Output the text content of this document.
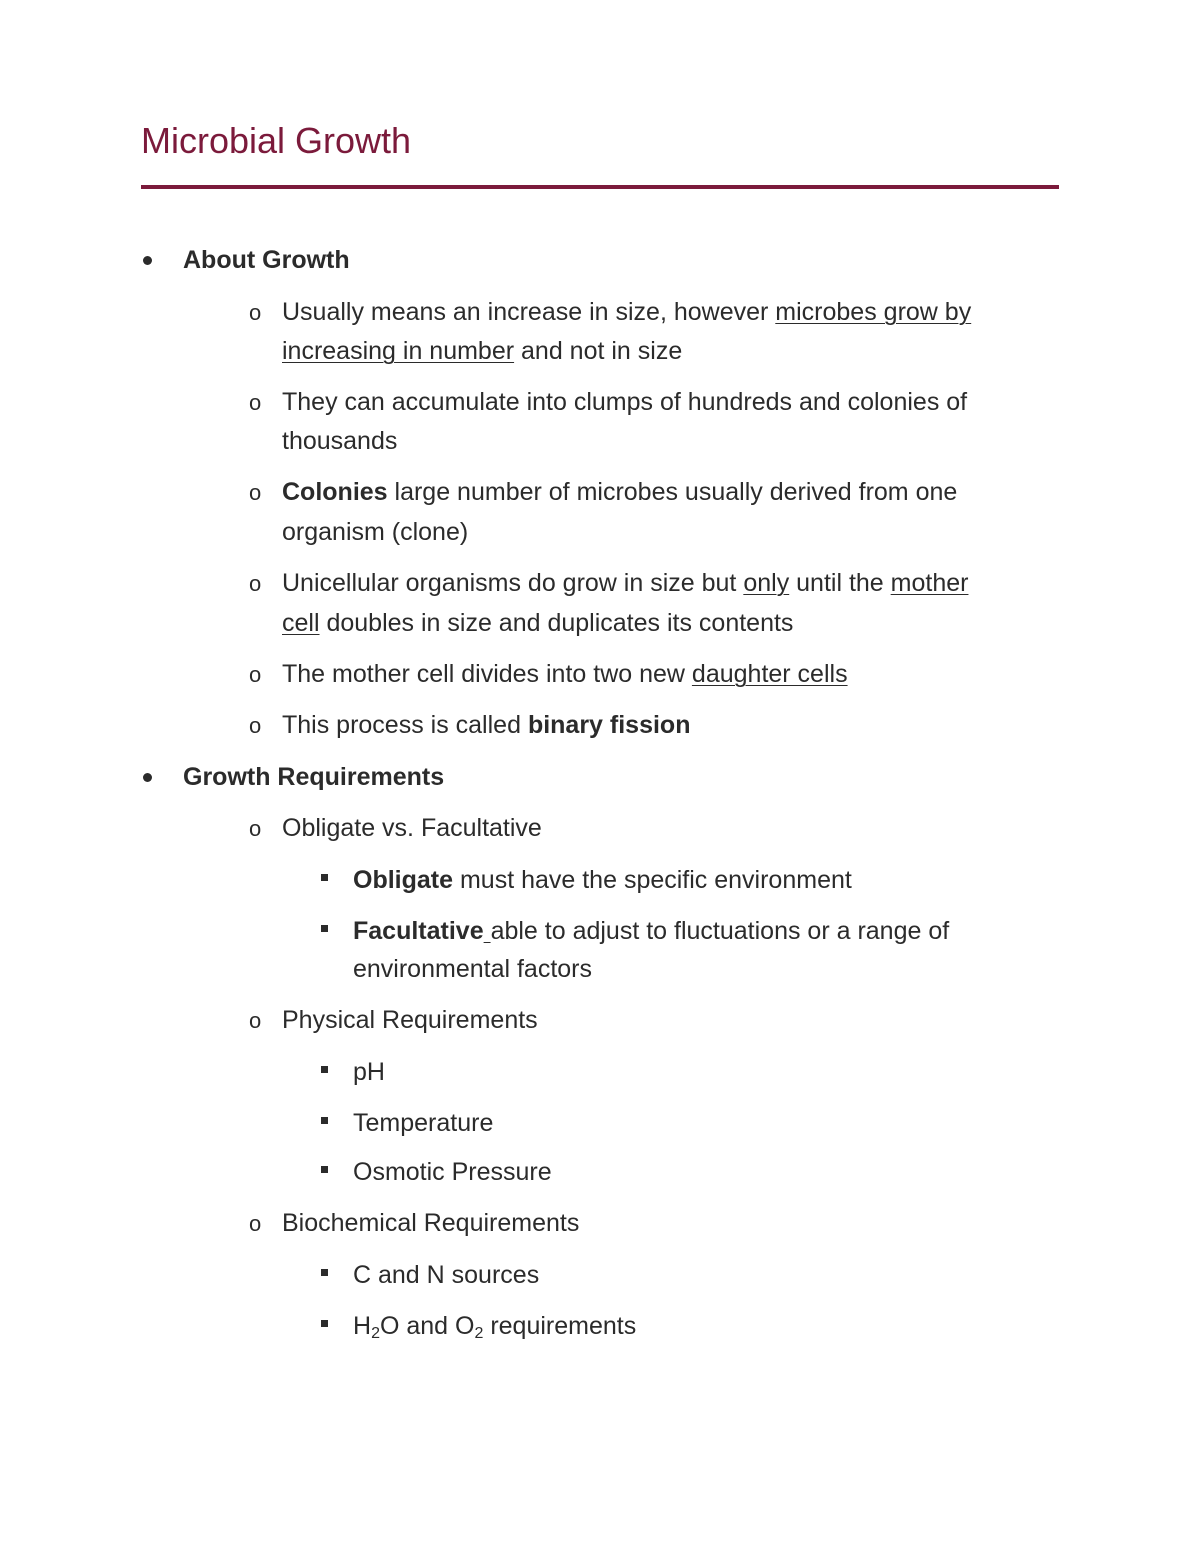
Microbial Growth
About Growth
o Usually means an increase in size, however microbes grow by
increasing in number and not in size
o They can accumulate into clumps of hundreds and colonies of
thousands
o Colonies large number of microbes usually derived from one
organism (clone)
o Unicellular organisms do grow in size but only until the mother
cell doubles in size and duplicates its contents
o The mother cell divides into two new daughter cells
o This process is called binary fission
Growth Requirements
o Obligate vs. Facultative
Obligate must have the specific environment
Facultative able to adjust to fluctuations or a range of
environmental factors
o Physical Requirements
pH
Temperature
Osmotic Pressure
o Biochemical Requirements
C and N sources
$H_2O$ and $O_2$ requirements
